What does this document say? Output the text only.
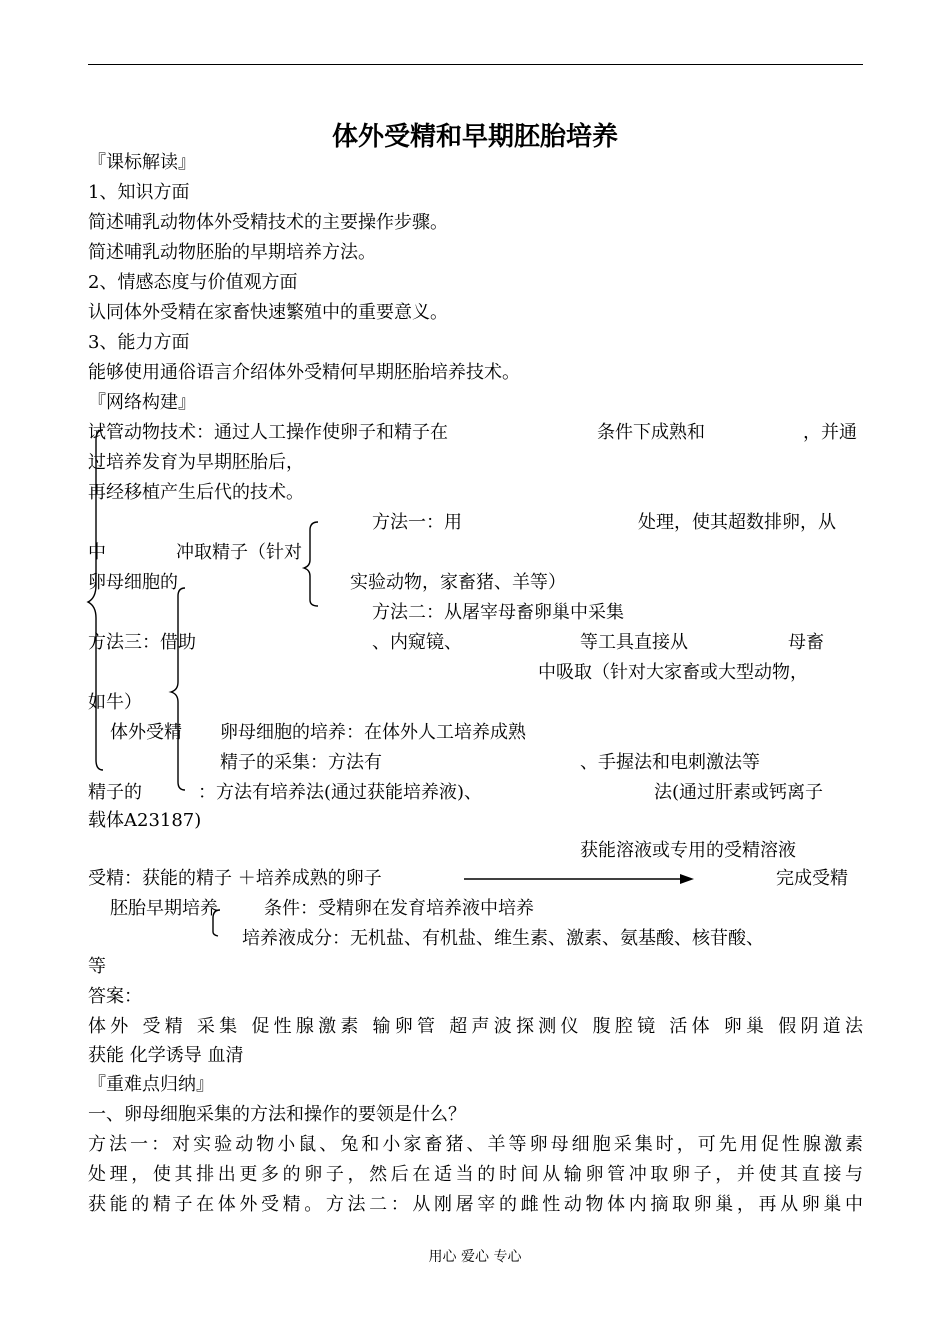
体外受精和早期胚胎培养
『课标解读』
1、知识方面
简述哺乳动物体外受精技术的主要操作步骤。
简述哺乳动物胚胎的早期培养方法。
2、情感态度与价值观方面
认同体外受精在家畜快速繁殖中的重要意义。
3、能力方面
能够使用通俗语言介绍体外受精何早期胚胎培养技术。
『网络构建』
试管动物技术：通过人工操作使卵子和精子在	条件下成熟和	，并通
过培养发育为早期胚胎后，
再经移植产生后代的技术。
方法一：用	处理，使其超数排卵，从
中	冲取精子（针对
卵母细胞的	实验动物，家畜猪、羊等）
方法二：从屠宰母畜卵巢中采集
方法三：借助	、内窥镜、	等工具直接从	母畜
中吸取（针对大家畜或大型动物，
如牛）
体外受精 卵母细胞的培养：在体外人工培养成熟
精子的采集：方法有	、手握法和电刺激法等
精子的	：方法有培养法(通过获能培养液)、	法(通过肝素或钙离子
载体A23187)
获能溶液或专用的受精溶液
受精：获能的精子 ＋培养成熟的卵子	完成受精
胚胎早期培养	条件：受精卵在发育培养液中培养
培养液成分：无机盐、有机盐、维生素、激素、氨基酸、核苷酸、
等
答案：
体外 受精 采集 促性腺激素 输卵管 超声波探测仪 腹腔镜 活体 卵巢 假阴道法
获能 化学诱导 血清
『重难点归纳』
一、卵母细胞采集的方法和操作的要领是什么？
方法一：对实验动物小鼠、兔和小家畜猪、羊等卵母细胞采集时，可先用促性腺激素
处理，使其排出更多的卵子，然后在适当的时间从输卵管冲取卵子，并使其直接与
获能的精子在体外受精。方法二：从刚屠宰的雌性动物体内摘取卵巢，再从卵巢中
用心 爱心 专心
